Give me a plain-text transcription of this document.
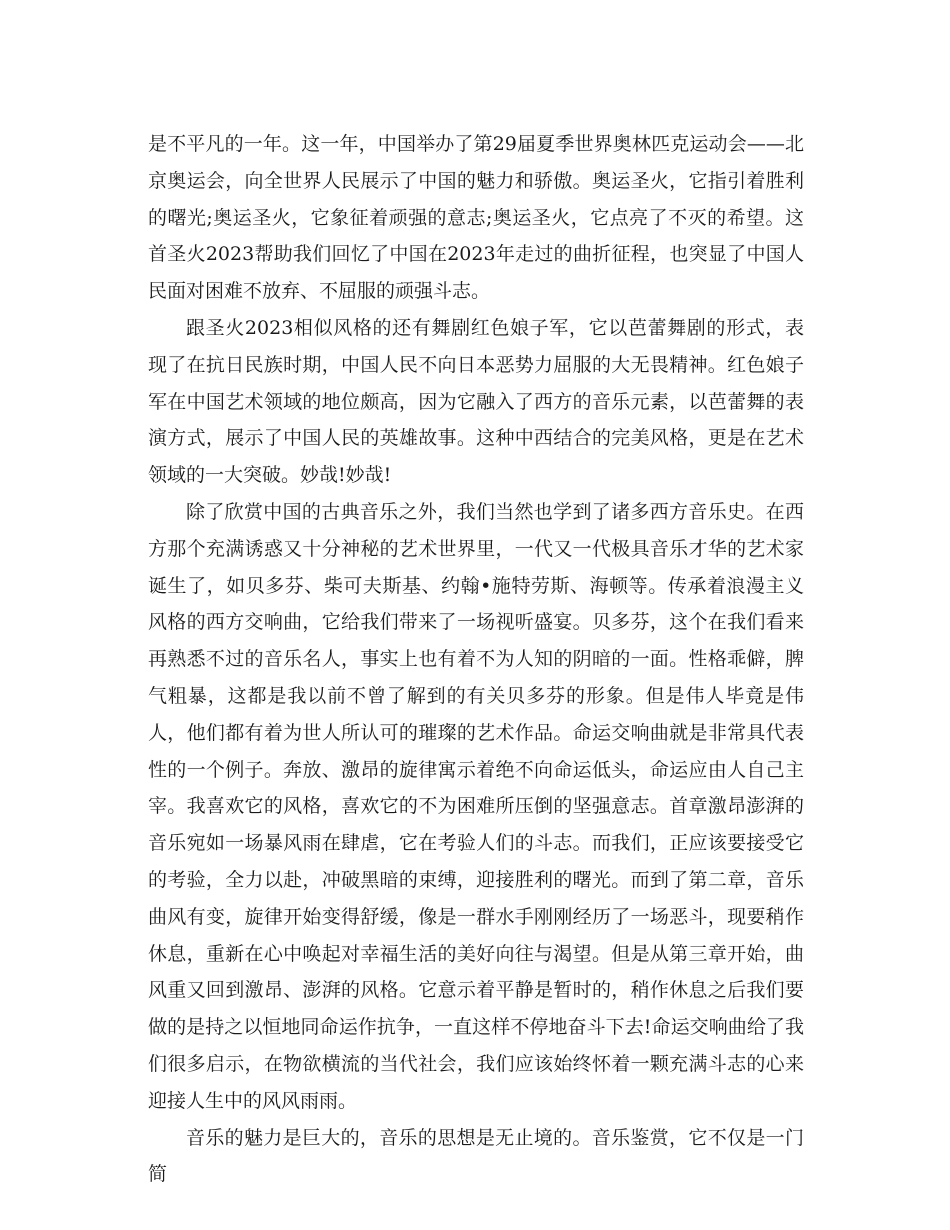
是不平凡的一年。这一年，中国举办了第29届夏季世界奥林匹克运动会——北京奥运会，向全世界人民展示了中国的魅力和骄傲。奥运圣火，它指引着胜利的曙光;奥运圣火，它象征着顽强的意志;奥运圣火，它点亮了不灭的希望。这首圣火2023帮助我们回忆了中国在2023年走过的曲折征程，也突显了中国人民面对困难不放弃、不屈服的顽强斗志。

跟圣火2023相似风格的还有舞剧红色娘子军，它以芭蕾舞剧的形式，表现了在抗日民族时期，中国人民不向日本恶势力屈服的大无畏精神。红色娘子军在中国艺术领域的地位颇高，因为它融入了西方的音乐元素，以芭蕾舞的表演方式，展示了中国人民的英雄故事。这种中西结合的完美风格，更是在艺术领域的一大突破。妙哉!妙哉!

除了欣赏中国的古典音乐之外，我们当然也学到了诸多西方音乐史。在西方那个充满诱惑又十分神秘的艺术世界里，一代又一代极具音乐才华的艺术家诞生了，如贝多芬、柴可夫斯基、约翰•施特劳斯、海顿等。传承着浪漫主义风格的西方交响曲，它给我们带来了一场视听盛宴。贝多芬，这个在我们看来再熟悉不过的音乐名人，事实上也有着不为人知的阴暗的一面。性格乖僻，脾气粗暴，这都是我以前不曾了解到的有关贝多芬的形象。但是伟人毕竟是伟人，他们都有着为世人所认可的璀璨的艺术作品。命运交响曲就是非常具代表性的一个例子。奔放、激昂的旋律寓示着绝不向命运低头，命运应由人自己主宰。我喜欢它的风格，喜欢它的不为困难所压倒的坚强意志。首章激昂澎湃的音乐宛如一场暴风雨在肆虐，它在考验人们的斗志。而我们，正应该要接受它的考验，全力以赴，冲破黑暗的束缚，迎接胜利的曙光。而到了第二章，音乐曲风有变，旋律开始变得舒缓，像是一群水手刚刚经历了一场恶斗，现要稍作休息，重新在心中唤起对幸福生活的美好向往与渴望。但是从第三章开始，曲风重又回到激昂、澎湃的风格。它意示着平静是暂时的，稍作休息之后我们要做的是持之以恒地同命运作抗争，一直这样不停地奋斗下去!命运交响曲给了我们很多启示，在物欲横流的当代社会，我们应该始终怀着一颗充满斗志的心来迎接人生中的风风雨雨。

音乐的魅力是巨大的，音乐的思想是无止境的。音乐鉴赏，它不仅是一门简
